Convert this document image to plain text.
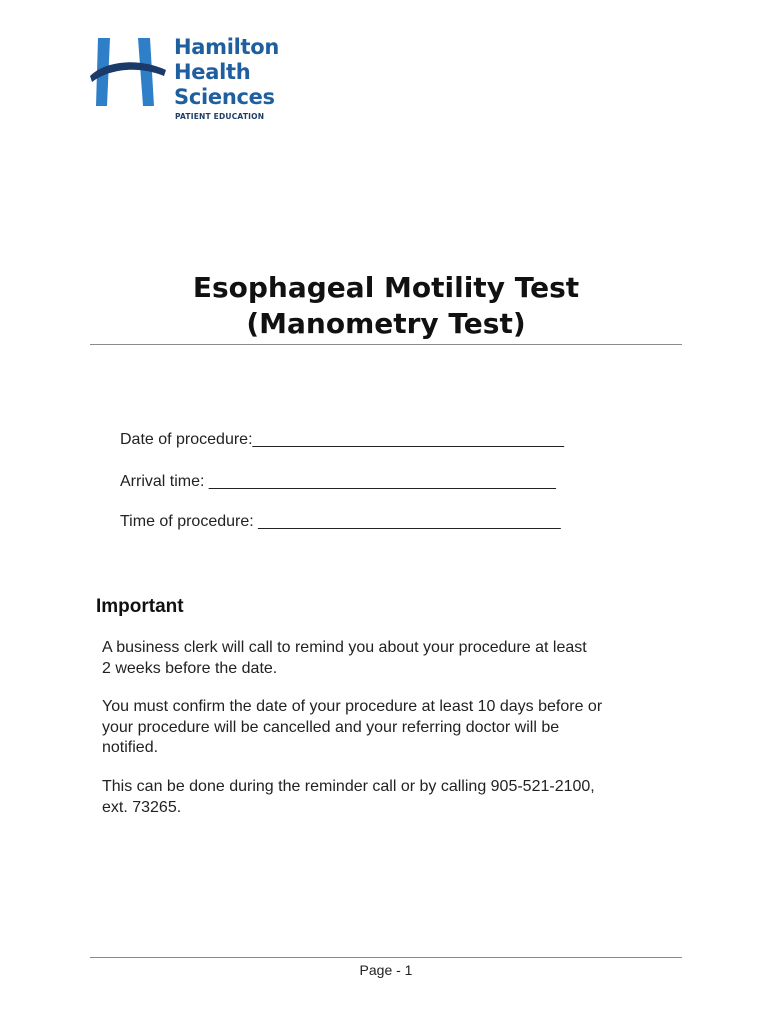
Hamilton
Health
Sciences
PATIENT EDUCATION
Esophageal Motility Test
(Manometry Test)
Date of procedure:___________________________________
Arrival time: _______________________________________
Time of procedure: __________________________________
Important
A business clerk will call to remind you about your procedure at least
2 weeks before the date.
You must confirm the date of your procedure at least 10 days before or
your procedure will be cancelled and your referring doctor will be
notified.
This can be done during the reminder call or by calling 905-521-2100,
ext. 73265.
Page - 1
